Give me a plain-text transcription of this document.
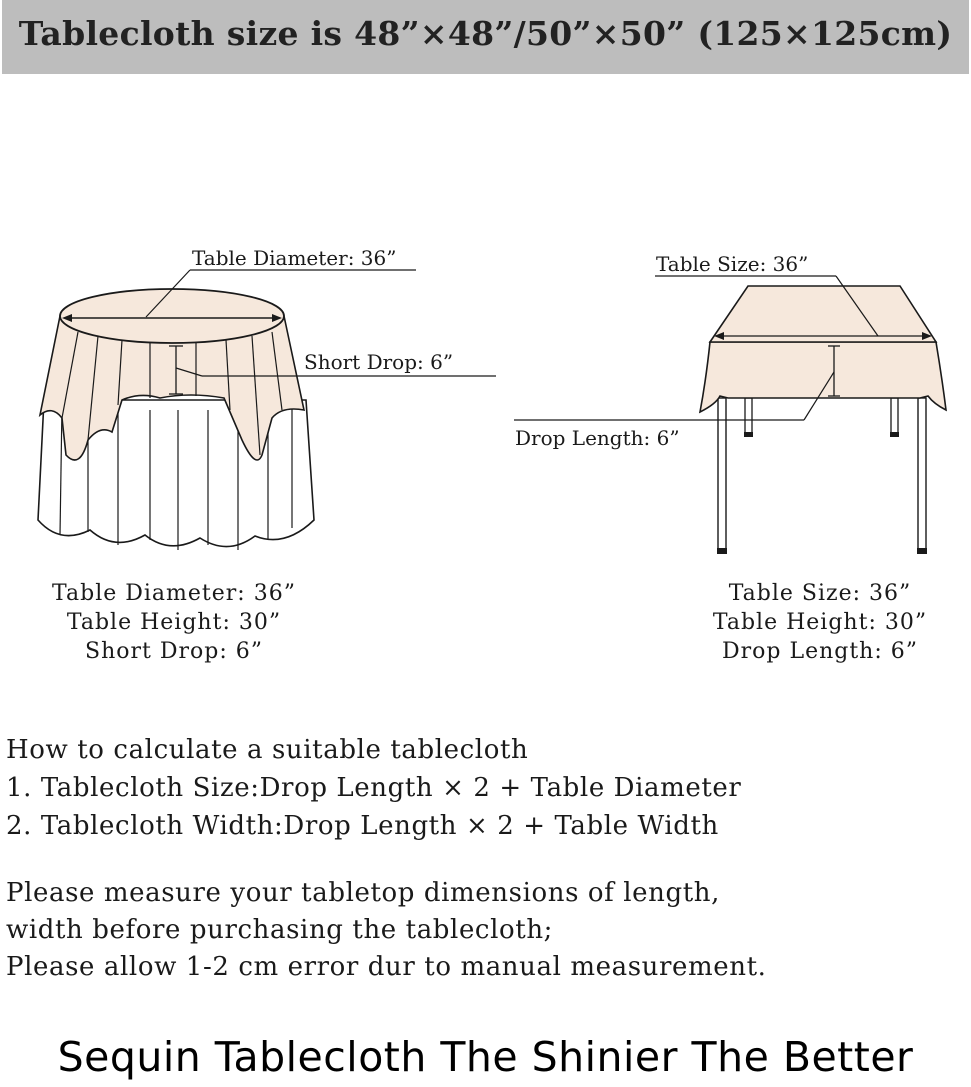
Tablecloth size is 48”×48”/50”×50” (125×125cm)
Table Diameter: 36”
Short Drop: 6”
Table Size: 36”
Drop Length: 6”
Table Diameter: 36”
Table Height: 30”
Short Drop: 6”
Table Size: 36”
Table Height: 30”
Drop Length: 6”
How to calculate a suitable tablecloth
1. Tablecloth Size:Drop Length × 2 + Table Diameter
2. Tablecloth Width:Drop Length × 2 + Table Width
Please measure your tabletop dimensions of length,
width before purchasing the tablecloth;
Please allow 1-2 cm error dur to manual measurement.
Sequin Tablecloth The Shinier The Better
